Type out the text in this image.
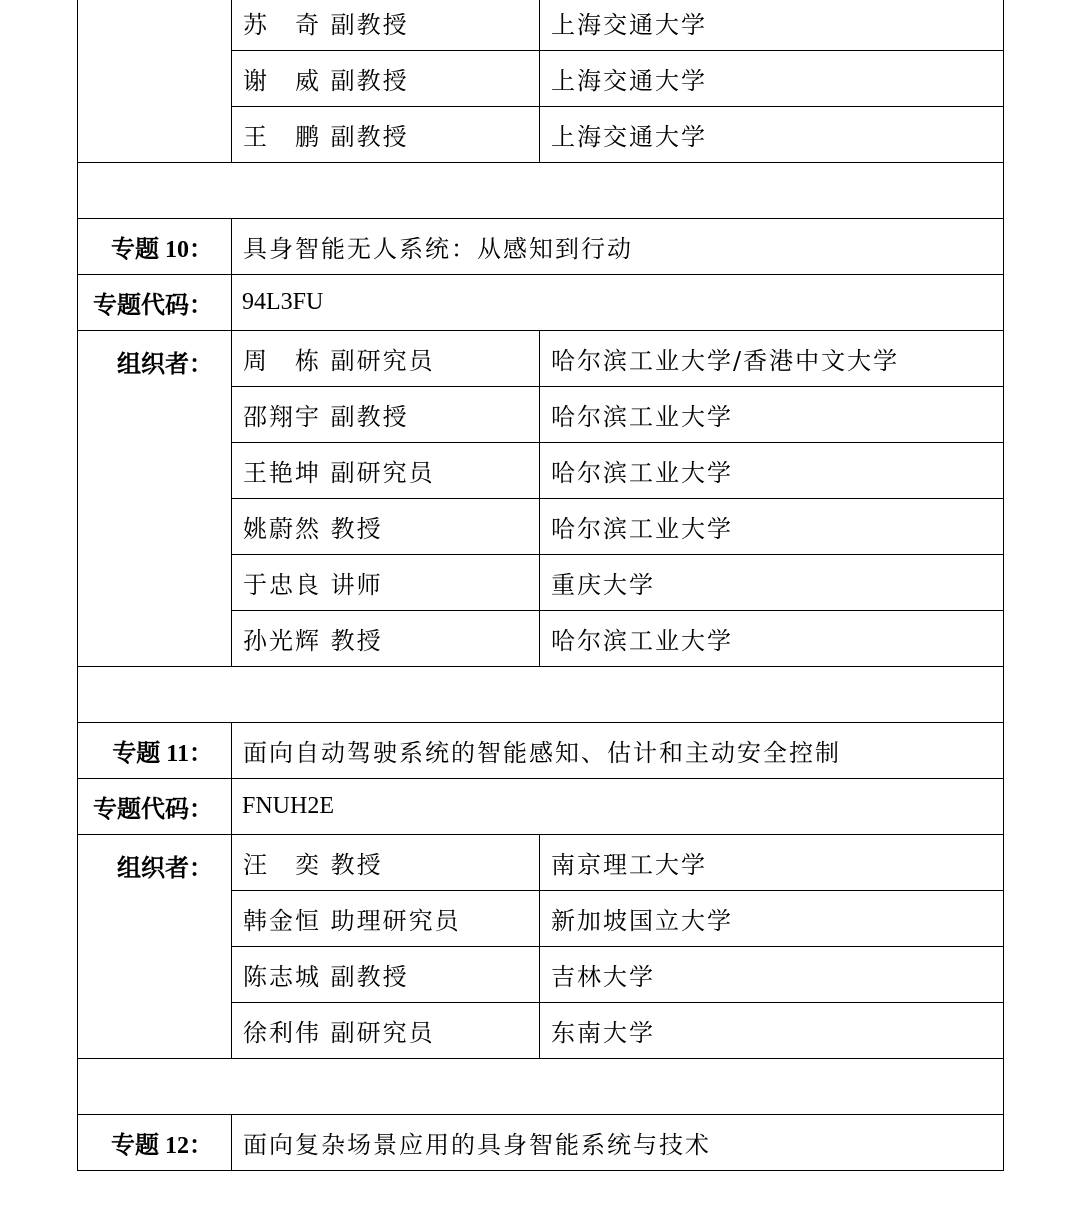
	苏　奇 副教授	上海交通大学
	谢　威 副教授	上海交通大学
	王　鹏 副教授	上海交通大学

专题 10：	具身智能无人系统：从感知到行动	
专题代码：	94L3FU	
组织者：	周　栋 副研究员	哈尔滨工业大学/香港中文大学
	邵翔宇 副教授	哈尔滨工业大学
	王艳坤 副研究员	哈尔滨工业大学
	姚蔚然 教授	哈尔滨工业大学
	于忠良 讲师	重庆大学
	孙光辉 教授	哈尔滨工业大学

专题 11：	面向自动驾驶系统的智能感知、估计和主动安全控制	
专题代码：	FNUH2E	
组织者：	汪　奕 教授	南京理工大学
	韩金恒 助理研究员	新加坡国立大学
	陈志城 副教授	吉林大学
	徐利伟 副研究员	东南大学

专题 12：	面向复杂场景应用的具身智能系统与技术	
